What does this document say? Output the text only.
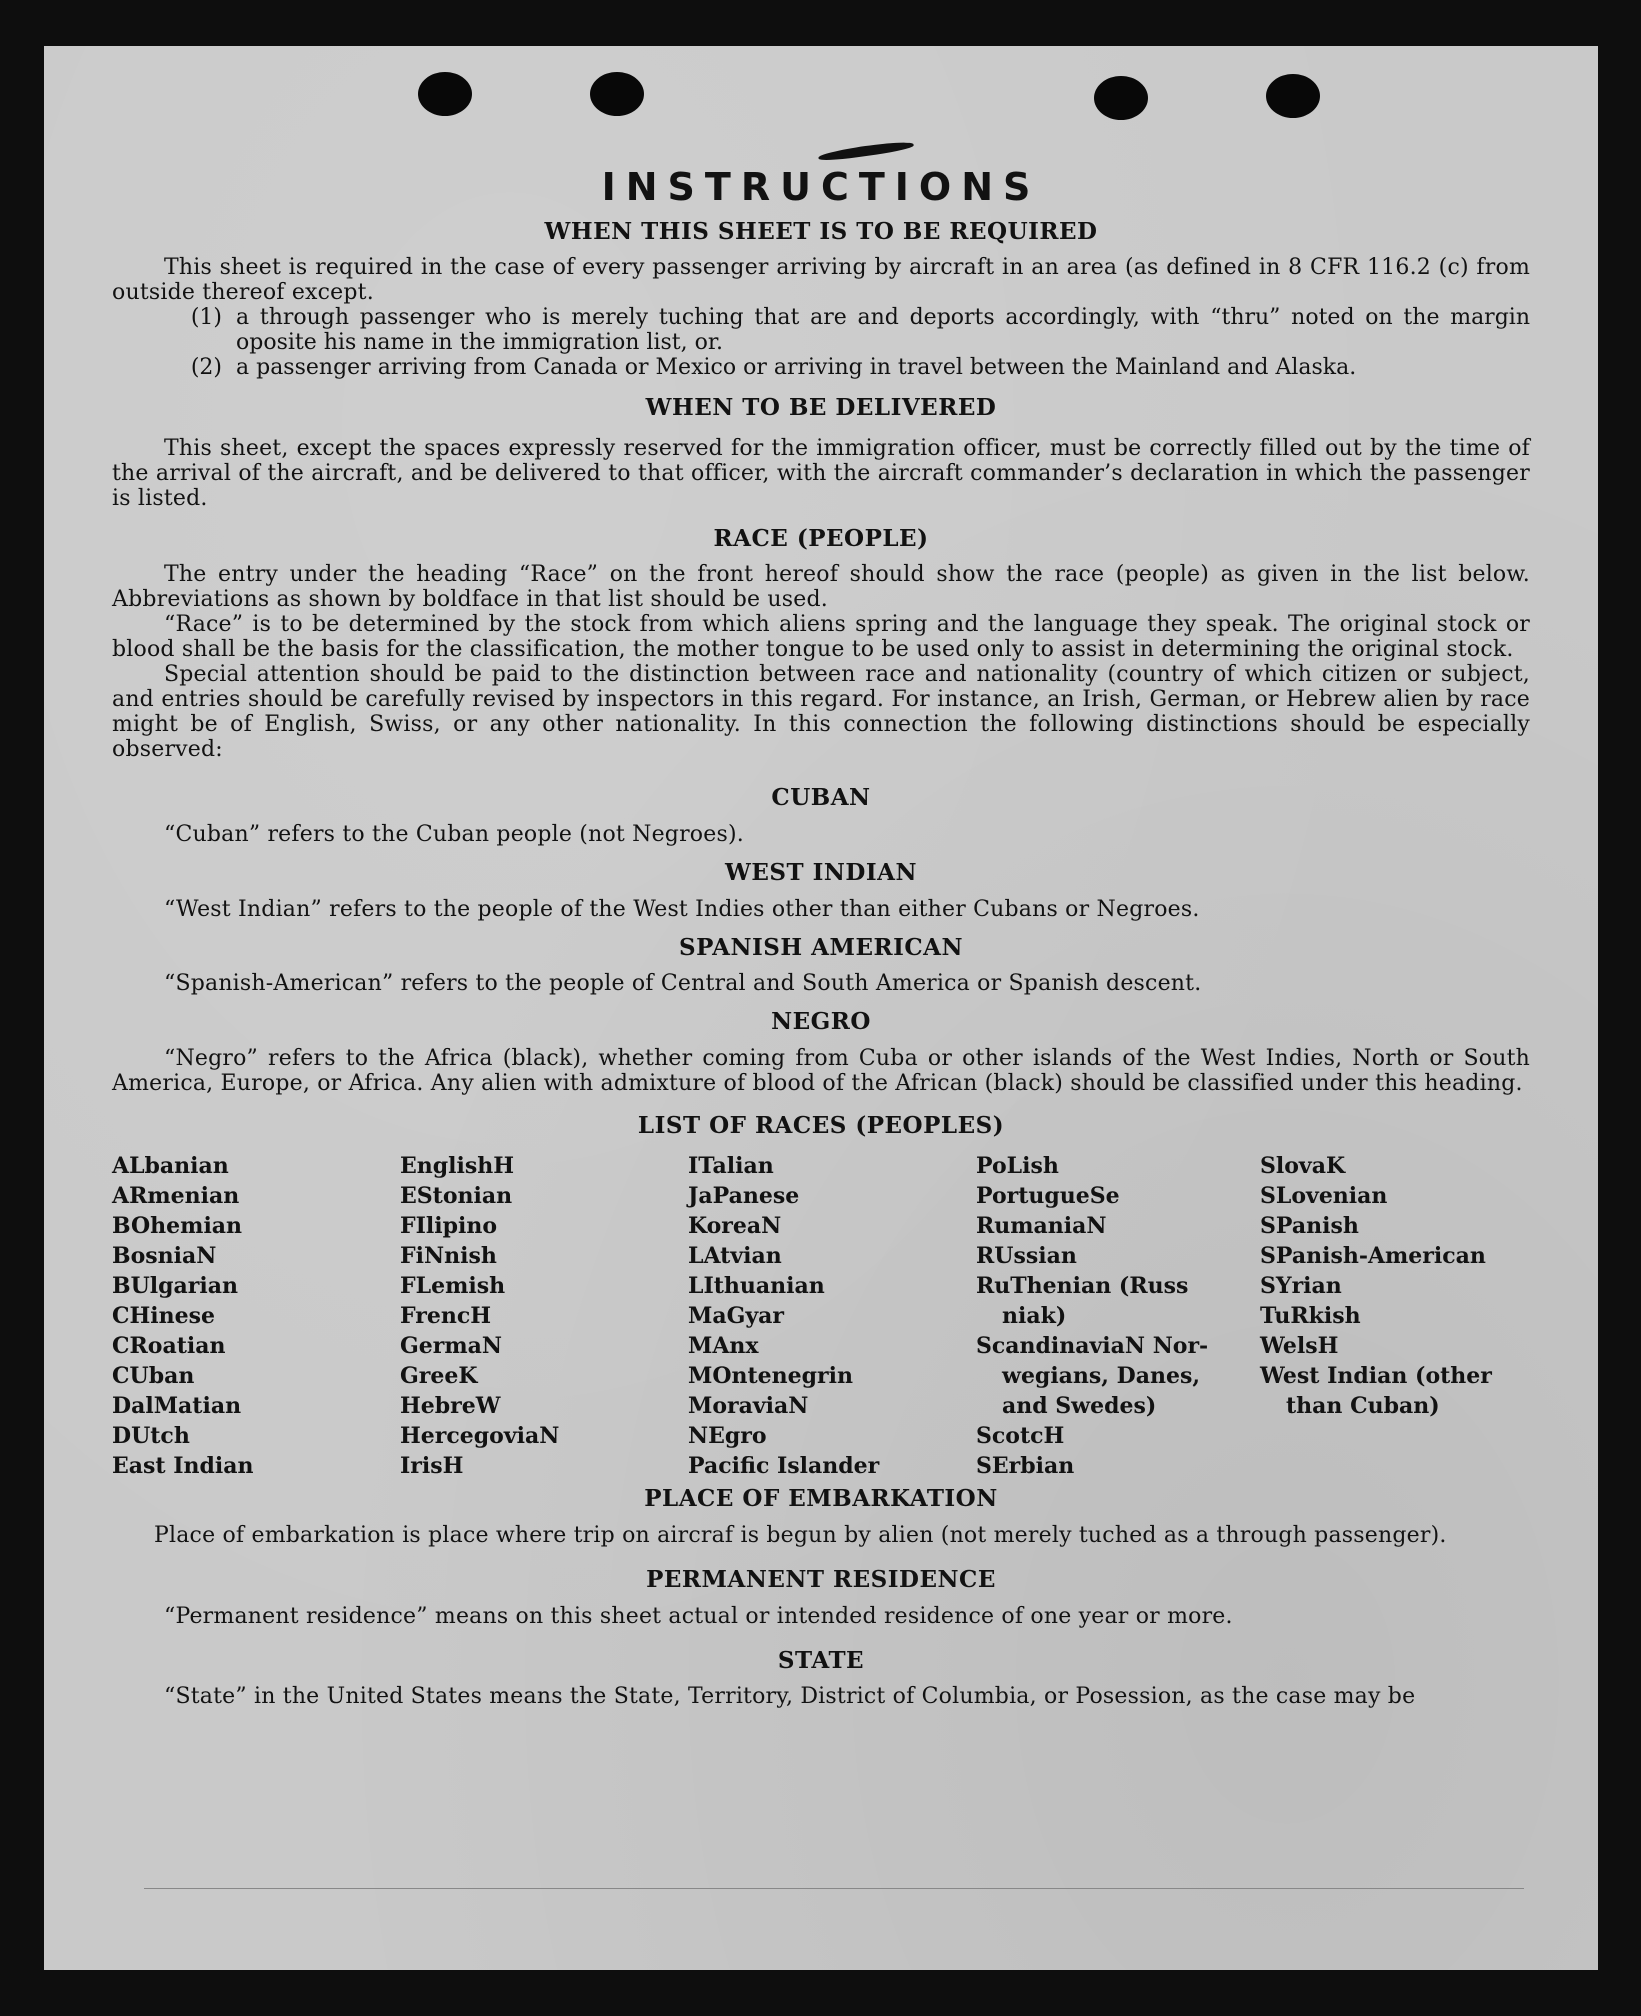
INSTRUCTIONS
WHEN THIS SHEET IS TO BE REQUIRED

This sheet is required in the case of every passenger arriving by aircraft in an area (as defined in 8 CFR 116.2 (c) from outside thereof except.

(1) a through passenger who is merely tuching that are and deports accordingly, with “thru” noted on the margin oposite his name in the immigration list, or.
(2) a passenger arriving from Canada or Mexico or arriving in travel between the Mainland and Alaska.
WHEN TO BE DELIVERED

This sheet, except the spaces expressly reserved for the immigration officer, must be correctly filled out by the time of the arrival of the aircraft, and be delivered to that officer, with the aircraft commander’s declaration in which the passenger is listed.

RACE (PEOPLE)

The entry under the heading “Race” on the front hereof should show the race (people) as given in the list below. Abbreviations as shown by boldface in that list should be used.

“Race” is to be determined by the stock from which aliens spring and the language they speak. The original stock or blood shall be the basis for the classification, the mother tongue to be used only to assist in determining the original stock.

Special attention should be paid to the distinction between race and nationality (country of which citizen or subject, and entries should be carefully revised by inspectors in this regard. For instance, an Irish, German, or Hebrew alien by race might be of English, Swiss, or any other nationality. In this connection the following distinctions should be especially observed:

CUBAN

“Cuban” refers to the Cuban people (not Negroes).

WEST INDIAN

“West Indian” refers to the people of the West Indies other than either Cubans or Negroes.

SPANISH AMERICAN

“Spanish-American” refers to the people of Central and South America or Spanish descent.

NEGRO

“Negro” refers to the Africa (black), whether coming from Cuba or other islands of the West Indies, North or South America, Europe, or Africa. Any alien with admixture of blood of the African (black) should be classified under this heading.

LIST OF RACES (PEOPLES)
ALbanian
ARmenian
BOhemian
BosniaN
BUlgarian
CHinese
CRoatian
CUban
DalMatian
DUtch
East Indian
EnglishH
EStonian
FIlipino
FiNnish
FLemish
FrencH
GermaN
GreeK
HebreW
HercegoviaN
IrisH
ITalian
JaPanese
KoreaN
LAtvian
LIthuanian
MaGyar
MAnx
MOntenegrin
MoraviaN
NEgro
Pacific Islander
PoLish
PortugueSe
RumaniaN
RUssian
RuThenian (Russ
niak)
ScandinaviaN Nor-
wegians, Danes,
and Swedes)
ScotcH
SErbian
SlovaK
SLovenian
SPanish
SPanish-American
SYrian
TuRkish
WelsH
West Indian (other
than Cuban)
PLACE OF EMBARKATION

Place of embarkation is place where trip on aircraf is begun by alien (not merely tuched as a through passenger).

PERMANENT RESIDENCE

“Permanent residence” means on this sheet actual or intended residence of one year or more.

STATE

“State” in the United States means the State, Territory, District of Columbia, or Posession, as the case may be
